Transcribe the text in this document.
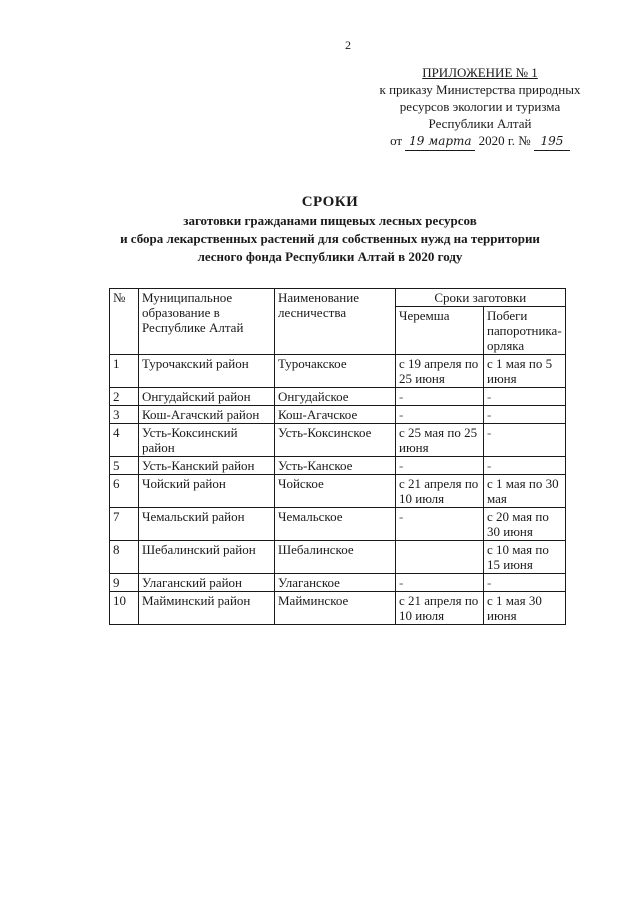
2
ПРИЛОЖЕНИЕ № 1
к приказу Министерства природных
ресурсов экологии и туризма
Республики Алтай
от 19 марта 2020 г. № 195
СРОКИ
заготовки гражданами пищевых лесных ресурсов
и сбора лекарственных растений для собственных нужд на территории
лесного фонда Республики Алтай в 2020 году
№	Муниципальное образование в Республике Алтай	Наименование лесничества	Сроки заготовки	
			Черемша	Побеги папоротника-орляка
1	Турочакский район	Турочакское	с 19 апреля по 25 июня	с 1 мая по 5 июня
2	Онгудайский район	Онгудайское	-	-
3	Кош-Агачский район	Кош-Агачское	-	-
4	Усть-Коксинский район	Усть-Коксинское	с 25 мая по 25 июня	-
5	Усть-Канский район	Усть-Канское	-	-
6	Чойский район	Чойское	с 21 апреля по 10 июля	с 1 мая по 30 мая
7	Чемальский район	Чемальское	-	с 20 мая по 30 июня
8	Шебалинский район	Шебалинское		с 10 мая по 15 июня
9	Улаганский район	Улаганское	-	-
10	Майминский район	Майминское	с 21 апреля по 10 июля	с 1 мая 30 июня
